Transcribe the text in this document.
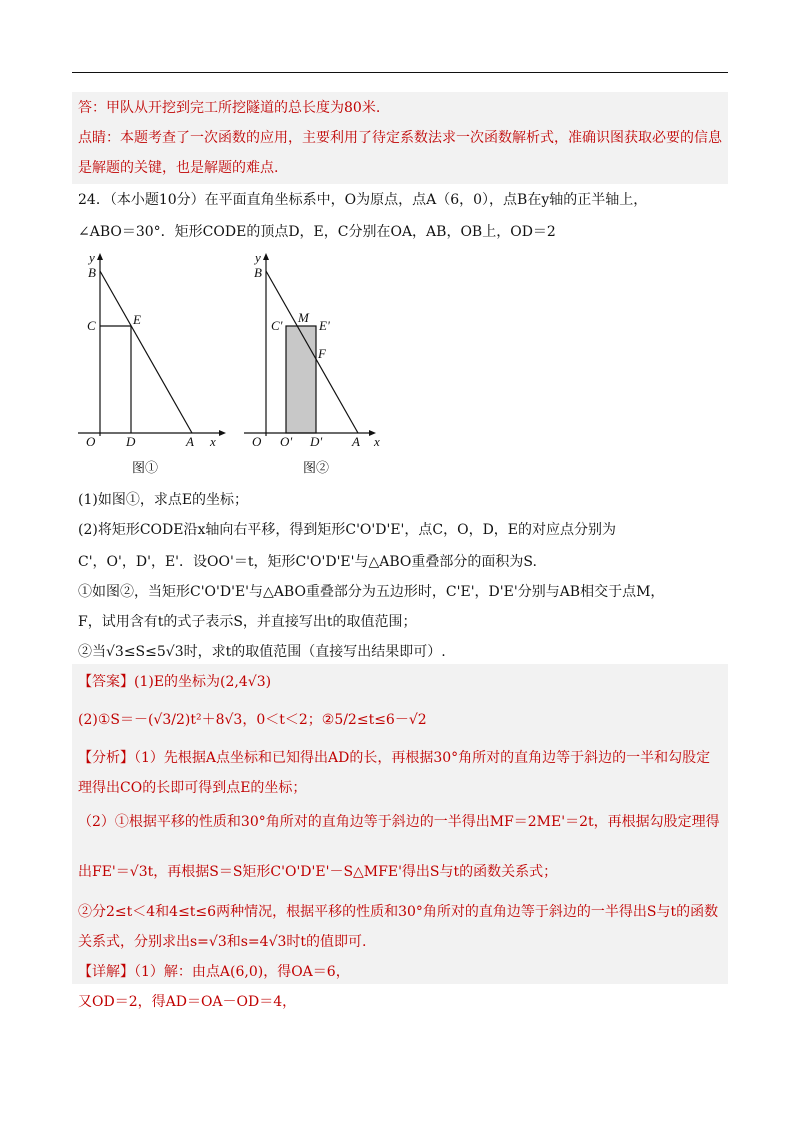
答：甲队从开挖到完工所挖隧道的总长度为80米.
点睛：本题考查了一次函数的应用，主要利用了待定系数法求一次函数解析式，准确识图获取必要的信息
是解题的关键，也是解题的难点.
24．（本小题10分）在平面直角坐标系中，O为原点，点A（6，0），点B在y轴的正半轴上，
∠ABO＝30°．矩形CODE的顶点D，E，C分别在OA，AB，OB上，OD＝2
y
B
C	E
O D	A x
图①
y
B
C'
M
E'
F
O O' D' A x
图②
(1)如图①，求点E的坐标；
(2)将矩形CODE沿x轴向右平移，得到矩形C'O'D'E'，点C，O，D，E的对应点分别为
C'，O'，D'，E'．设OO'＝t，矩形C'O'D'E'与△ABO重叠部分的面积为S.
①如图②，当矩形C'O'D'E'与△ABO重叠部分为五边形时，C'E'，D'E'分别与AB相交于点M，
F，试用含有t的式子表示S，并直接写出t的取值范围；
②当√3≤S≤5√3时，求t的取值范围（直接写出结果即可）.
【答案】(1)E的坐标为(2,4√3)
(2)①S＝－(√3/2)t²＋8√3，0＜t＜2；②5/2≤t≤6－√2
【分析】（1）先根据A点坐标和已知得出AD的长，再根据30°角所对的直角边等于斜边的一半和勾股定
理得出CO的长即可得到点E的坐标；
（2）①根据平移的性质和30°角所对的直角边等于斜边的一半得出MF＝2ME'＝2t，再根据勾股定理得
出FE'＝√3t，再根据S＝S矩形C'O'D'E'－S△MFE'得出S与t的函数关系式；
②分2≤t＜4和4≤t≤6两种情况，根据平移的性质和30°角所对的直角边等于斜边的一半得出S与t的函数
关系式，分别求出s=√3和s=4√3时t的值即可.
【详解】（1）解：由点A(6,0)，得OA＝6，
又OD＝2，得AD＝OA－OD＝4，
